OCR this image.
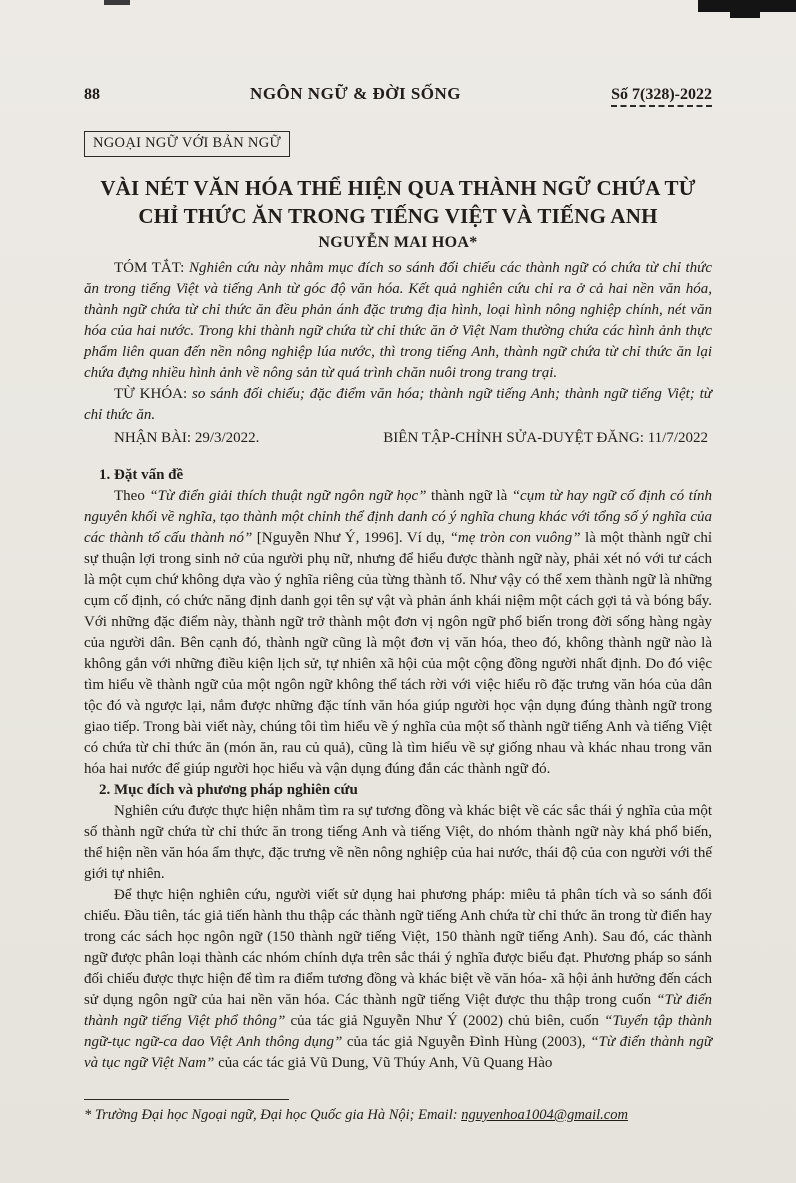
88	NGÔN NGỮ & ĐỜI SỐNG	Số 7(328)-2022
NGOẠI NGỮ VỚI BẢN NGỮ
VÀI NÉT VĂN HÓA THỂ HIỆN QUA THÀNH NGỮ CHỨA TỪ CHỈ THỨC ĂN TRONG TIẾNG VIỆT VÀ TIẾNG ANH
NGUYỄN MAI HOA*

TÓM TẮT: Nghiên cứu này nhằm mục đích so sánh đối chiếu các thành ngữ có chứa từ chỉ thức ăn trong tiếng Việt và tiếng Anh từ góc độ văn hóa. Kết quả nghiên cứu chỉ ra ở cả hai nền văn hóa, thành ngữ chứa từ chỉ thức ăn đều phản ánh đặc trưng địa hình, loại hình nông nghiệp chính, nét văn hóa của hai nước. Trong khi thành ngữ chứa từ chỉ thức ăn ở Việt Nam thường chứa các hình ảnh thực phẩm liên quan đến nền nông nghiệp lúa nước, thì trong tiếng Anh, thành ngữ chứa từ chỉ thức ăn lại chứa đựng nhiều hình ảnh về nông sản từ quá trình chăn nuôi trong trang trại.

TỪ KHÓA: so sánh đối chiếu; đặc điểm văn hóa; thành ngữ tiếng Anh; thành ngữ tiếng Việt; từ chỉ thức ăn.

NHẬN BÀI: 29/3/2022.	BIÊN TẬP-CHỈNH SỬA-DUYỆT ĐĂNG: 11/7/2022
1. Đặt vấn đề

Theo “Từ điển giải thích thuật ngữ ngôn ngữ học” thành ngữ là “cụm từ hay ngữ cố định có tính nguyên khối về nghĩa, tạo thành một chỉnh thể định danh có ý nghĩa chung khác với tổng số ý nghĩa của các thành tố cấu thành nó” [Nguyễn Như Ý, 1996]. Ví dụ, “mẹ tròn con vuông” là một thành ngữ chỉ sự thuận lợi trong sinh nở của người phụ nữ, nhưng để hiểu được thành ngữ này, phải xét nó với tư cách là một cụm chứ không dựa vào ý nghĩa riêng của từng thành tố. Như vậy có thể xem thành ngữ là những cụm cố định, có chức năng định danh gọi tên sự vật và phản ánh khái niệm một cách gợi tả và bóng bẩy. Với những đặc điểm này, thành ngữ trở thành một đơn vị ngôn ngữ phổ biến trong đời sống hàng ngày của người dân. Bên cạnh đó, thành ngữ cũng là một đơn vị văn hóa, theo đó, không thành ngữ nào là không gắn với những điều kiện lịch sử, tự nhiên xã hội của một cộng đồng người nhất định. Do đó việc tìm hiểu về thành ngữ của một ngôn ngữ không thể tách rời với việc hiểu rõ đặc trưng văn hóa của dân tộc đó và ngược lại, nắm được những đặc tính văn hóa giúp người học vận dụng đúng thành ngữ trong giao tiếp. Trong bài viết này, chúng tôi tìm hiểu về ý nghĩa của một số thành ngữ tiếng Anh và tiếng Việt có chứa từ chỉ thức ăn (món ăn, rau củ quả), cũng là tìm hiểu về sự giống nhau và khác nhau trong văn hóa hai nước để giúp người học hiểu và vận dụng đúng đắn các thành ngữ đó.

2. Mục đích và phương pháp nghiên cứu

Nghiên cứu được thực hiện nhằm tìm ra sự tương đồng và khác biệt về các sắc thái ý nghĩa của một số thành ngữ chứa từ chỉ thức ăn trong tiếng Anh và tiếng Việt, do nhóm thành ngữ này khá phổ biến, thể hiện nền văn hóa ẩm thực, đặc trưng về nền nông nghiệp của hai nước, thái độ của con người với thế giới tự nhiên.

Để thực hiện nghiên cứu, người viết sử dụng hai phương pháp: miêu tả phân tích và so sánh đối chiếu. Đầu tiên, tác giả tiến hành thu thập các thành ngữ tiếng Anh chứa từ chỉ thức ăn trong từ điển hay trong các sách học ngôn ngữ (150 thành ngữ tiếng Việt, 150 thành ngữ tiếng Anh). Sau đó, các thành ngữ được phân loại thành các nhóm chính dựa trên sắc thái ý nghĩa được biểu đạt. Phương pháp so sánh đối chiếu được thực hiện để tìm ra điểm tương đồng và khác biệt về văn hóa- xã hội ảnh hưởng đến cách sử dụng ngôn ngữ của hai nền văn hóa. Các thành ngữ tiếng Việt được thu thập trong cuốn “Từ điển thành ngữ tiếng Việt phổ thông” của tác giả Nguyễn Như Ý (2002) chủ biên, cuốn “Tuyển tập thành ngữ-tục ngữ-ca dao Việt Anh thông dụng” của tác giả Nguyễn Đình Hùng (2003), “Từ điển thành ngữ và tục ngữ Việt Nam” của các tác giả Vũ Dung, Vũ Thúy Anh, Vũ Quang Hào

* Trường Đại học Ngoại ngữ, Đại học Quốc gia Hà Nội; Email: nguyenhoa1004@gmail.com
